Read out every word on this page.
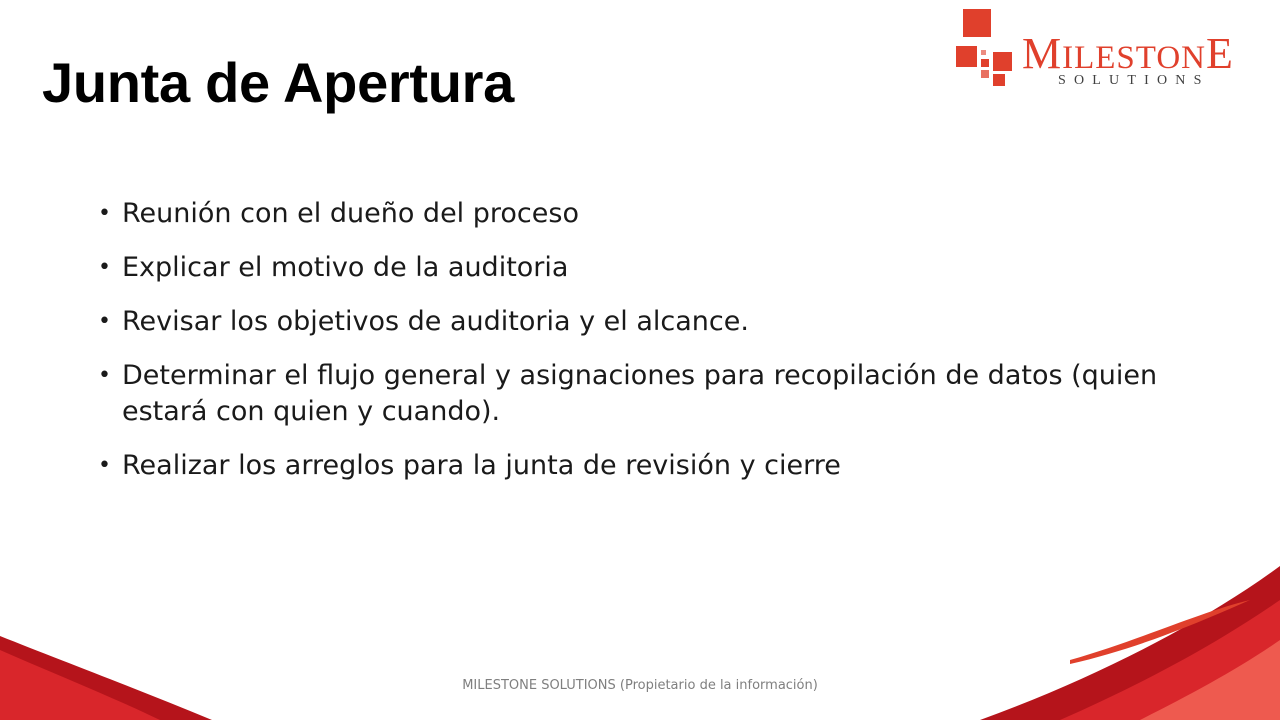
Junta de Apertura	MILESTONE
SOLUTIONS
• Reunión con el dueño del proceso
• Explicar el motivo de la auditoria
• Revisar los objetivos de auditoria y el alcance.
• Determinar el flujo general y asignaciones para recopilación de datos (quien estará con quien y cuando).
• Realizar los arreglos para la junta de revisión y cierre
MILESTONE SOLUTIONS (Propietario de la información)
